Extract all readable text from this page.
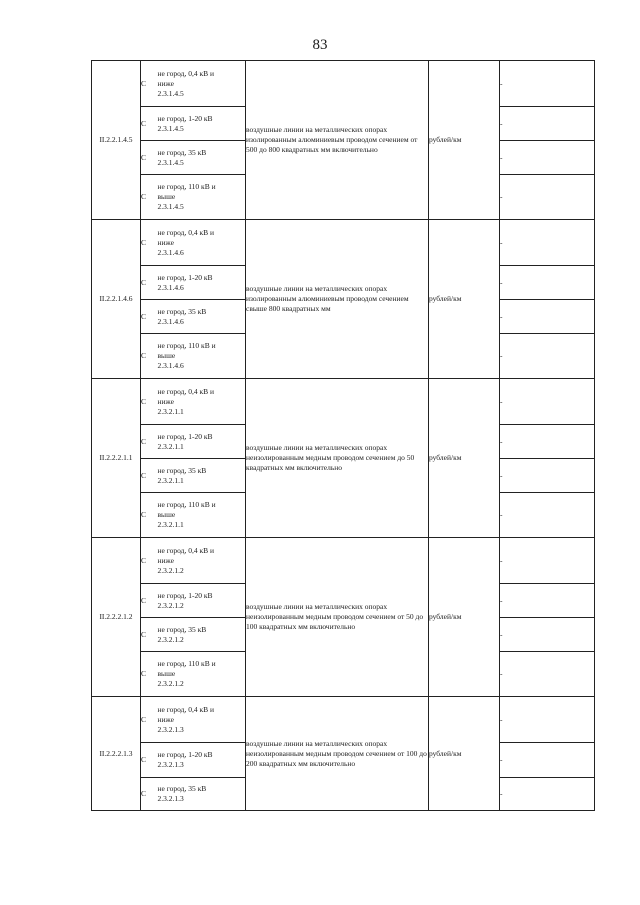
83
II.2.2.1.4.5	С	не город, 0,4 кВ и
ниже
2.3.1.4.5	воздушные линии на металлических опорах изолированным алюминиевым проводом сечением от 500 до 800 квадратных мм включительно	рублей/км	-
	С	не город, 1-20 кВ
2.3.1.4.5			-
	С	не город, 35 кВ
2.3.1.4.5			-
	С	не город, 110 кВ и
выше
2.3.1.4.5			-
II.2.2.1.4.6	С	не город, 0,4 кВ и
ниже
2.3.1.4.6	воздушные линии на металлических опорах изолированным алюминиевым проводом сечением свыше 800 квадратных мм	рублей/км	-
	С	не город, 1-20 кВ
2.3.1.4.6			-
	С	не город, 35 кВ
2.3.1.4.6			-
	С	не город, 110 кВ и
выше
2.3.1.4.6			-
II.2.2.2.1.1	С	не город, 0,4 кВ и
ниже
2.3.2.1.1	воздушные линии на металлических опорах неизолированным медным проводом сечением до 50 квадратных мм включительно	рублей/км	-
	С	не город, 1-20 кВ
2.3.2.1.1			-
	С	не город, 35 кВ
2.3.2.1.1			-
	С	не город, 110 кВ и
выше
2.3.2.1.1			-
II.2.2.2.1.2	С	не город, 0,4 кВ и
ниже
2.3.2.1.2	воздушные линии на металлических опорах неизолированным медным проводом сечением от 50 до 100 квадратных мм включительно	рублей/км	-
	С	не город, 1-20 кВ
2.3.2.1.2			-
	С	не город, 35 кВ
2.3.2.1.2			-
	С	не город, 110 кВ и
выше
2.3.2.1.2			-
II.2.2.2.1.3	С	не город, 0,4 кВ и
ниже
2.3.2.1.3	воздушные линии на металлических опорах неизолированным медным проводом сечением от 100 до 200 квадратных мм включительно	рублей/км	-
	С	не город, 1-20 кВ
2.3.2.1.3			-
	С	не город, 35 кВ
2.3.2.1.3			-
